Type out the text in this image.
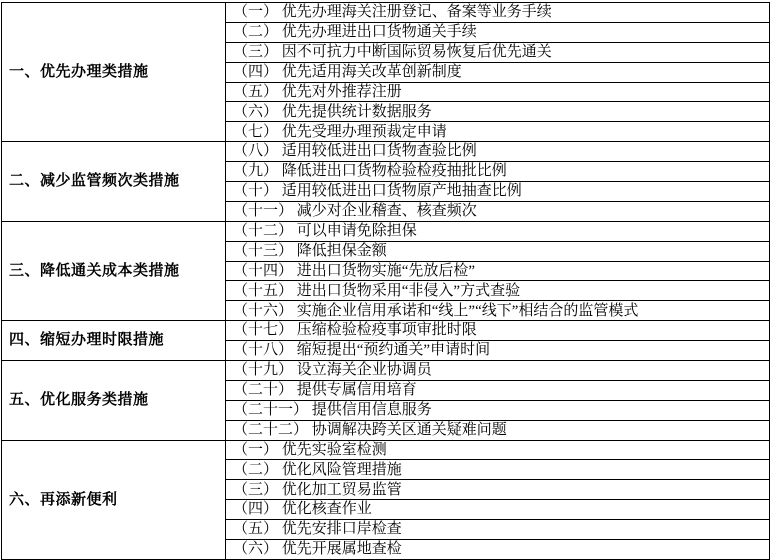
一、优先办理类措施	（一） 优先办理海关注册登记、备案等业务手续
	（二） 优先办理进出口货物通关手续
	（三） 因不可抗力中断国际贸易恢复后优先通关
	（四） 优先适用海关改革创新制度
	（五） 优先对外推荐注册
	（六） 优先提供统计数据服务
	（七） 优先受理办理预裁定申请
二、减少监管频次类措施	（八） 适用较低进出口货物查验比例
	（九） 降低进出口货物检验检疫抽批比例
	（十） 适用较低进出口货物原产地抽查比例
	（十一） 减少对企业稽查、核查频次
三、降低通关成本类措施	（十二） 可以申请免除担保
	（十三） 降低担保金额
	（十四） 进出口货物实施“先放后检”
	（十五） 进出口货物采用“非侵入”方式查验
	（十六） 实施企业信用承诺和“线上”“线下”相结合的监管模式
四、缩短办理时限措施	（十七） 压缩检验检疫事项审批时限
	（十八） 缩短提出“预约通关”申请时间
五、优化服务类措施	（十九） 设立海关企业协调员
	（二十） 提供专属信用培育
	（二十一） 提供信用信息服务
	（二十二） 协调解决跨关区通关疑难问题
六、再添新便利	（一） 优先实验室检测
	（二） 优化风险管理措施
	（三） 优化加工贸易监管
	（四） 优化核查作业
	（五） 优先安排口岸检查
	（六） 优先开展属地查检
